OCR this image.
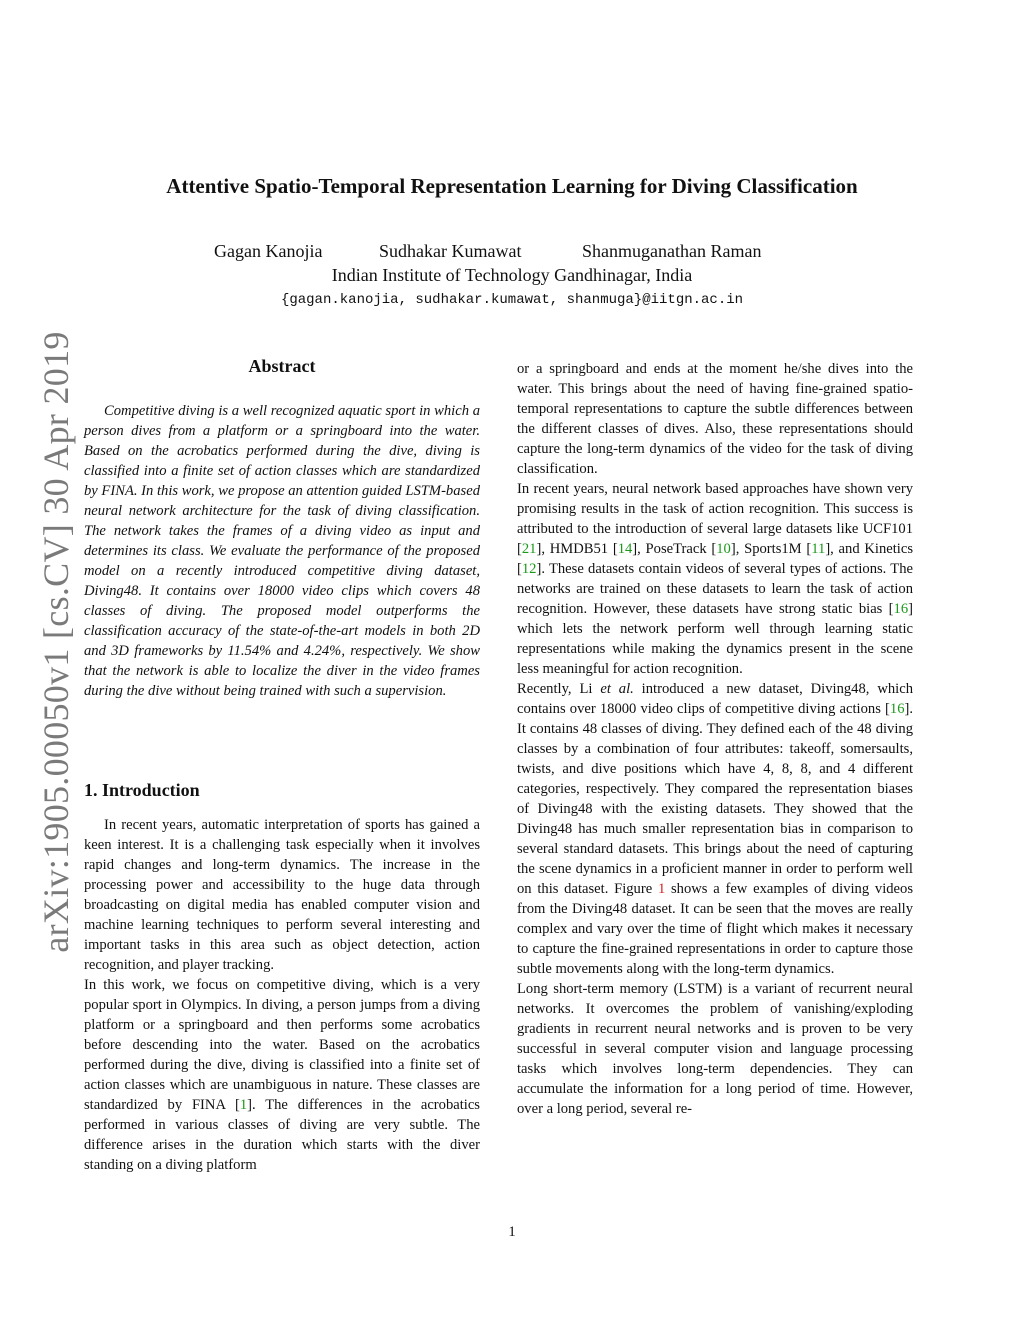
arXiv:1905.00050v1 [cs.CV] 30 Apr 2019
Attentive Spatio-Temporal Representation Learning for Diving Classification
Gagan Kanojia	Sudhakar Kumawat	Shanmuganathan Raman
Indian Institute of Technology Gandhinagar, India
{gagan.kanojia, sudhakar.kumawat, shanmuga}@iitgn.ac.in
Abstract
Competitive diving is a well recognized aquatic sport in which a person dives from a platform or a springboard into the water. Based on the acrobatics performed during the dive, diving is classified into a finite set of action classes which are standardized by FINA. In this work, we propose an attention guided LSTM-based neural network architecture for the task of diving classification. The network takes the frames of a diving video as input and determines its class. We evaluate the performance of the proposed model on a recently introduced competitive diving dataset, Diving48. It contains over 18000 video clips which covers 48 classes of diving. The proposed model outperforms the classification accuracy of the state-of-the-art models in both 2D and 3D frameworks by 11.54% and 4.24%, respectively. We show that the network is able to localize the diver in the video frames during the dive without being trained with such a supervision.
1. Introduction

In recent years, automatic interpretation of sports has gained a keen interest. It is a challenging task especially when it involves rapid changes and long-term dynamics. The increase in the processing power and accessibility to the huge data through broadcasting on digital media has enabled computer vision and machine learning techniques to perform several interesting and important tasks in this area such as object detection, action recognition, and player tracking.

In this work, we focus on competitive diving, which is a very popular sport in Olympics. In diving, a person jumps from a diving platform or a springboard and then performs some acrobatics before descending into the water. Based on the acrobatics performed during the dive, diving is classified into a finite set of action classes which are unambiguous in nature. These classes are standardized by FINA [1]. The differences in the acrobatics performed in various classes of diving are very subtle. The difference arises in the duration which starts with the diver standing on a diving platform

or a springboard and ends at the moment he/she dives into the water. This brings about the need of having fine-grained spatio-temporal representations to capture the subtle differences between the different classes of dives. Also, these representations should capture the long-term dynamics of the video for the task of diving classification.

In recent years, neural network based approaches have shown very promising results in the task of action recognition. This success is attributed to the introduction of several large datasets like UCF101 [21], HMDB51 [14], PoseTrack [10], Sports1M [11], and Kinetics [12]. These datasets contain videos of several types of actions. The networks are trained on these datasets to learn the task of action recognition. However, these datasets have strong static bias [16] which lets the network perform well through learning static representations while making the dynamics present in the scene less meaningful for action recognition.

Recently, Li et al. introduced a new dataset, Diving48, which contains over 18000 video clips of competitive diving actions [16]. It contains 48 classes of diving. They defined each of the 48 diving classes by a combination of four attributes: takeoff, somersaults, twists, and dive positions which have 4, 8, 8, and 4 different categories, respectively. They compared the representation biases of Diving48 with the existing datasets. They showed that the Diving48 has much smaller representation bias in comparison to several standard datasets. This brings about the need of capturing the scene dynamics in a proficient manner in order to perform well on this dataset. Figure 1 shows a few examples of diving videos from the Diving48 dataset. It can be seen that the moves are really complex and vary over the time of flight which makes it necessary to capture the fine-grained representations in order to capture those subtle movements along with the long-term dynamics.

Long short-term memory (LSTM) is a variant of recurrent neural networks. It overcomes the problem of vanishing/exploding gradients in recurrent neural networks and is proven to be very successful in several computer vision and language processing tasks which involves long-term dependencies. They can accumulate the information for a long period of time. However, over a long period, several re-

1
